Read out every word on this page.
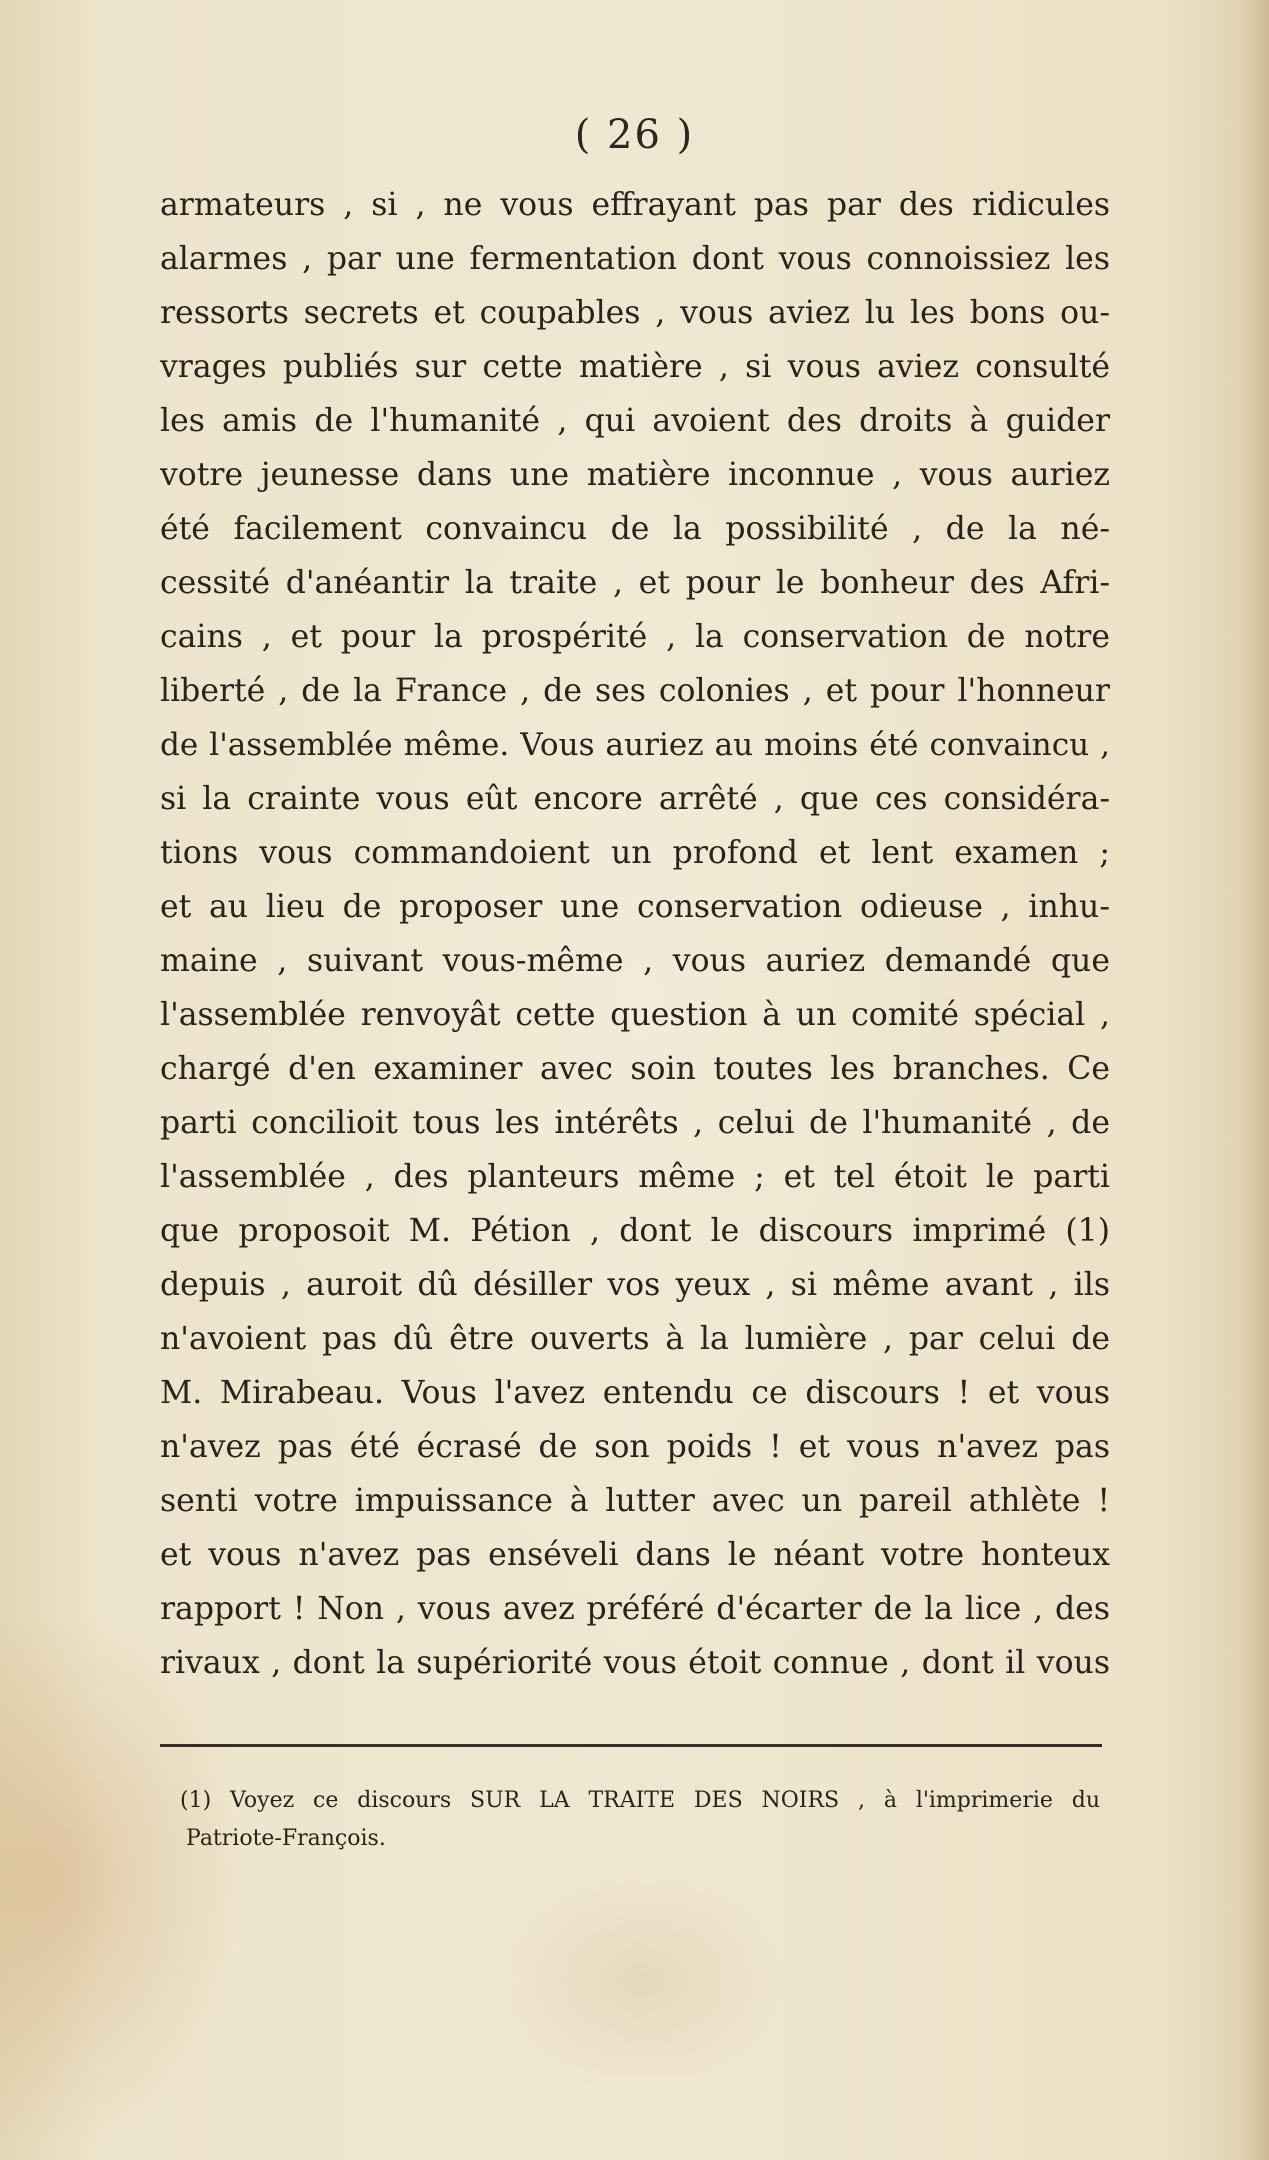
( 26 )
armateurs , si , ne vous effrayant pas par des ridicules
alarmes , par une fermentation dont vous connoissiez les
ressorts secrets et coupables , vous aviez lu les bons ou-
vrages publiés sur cette matière , si vous aviez consulté
les amis de l'humanité , qui avoient des droits à guider
votre jeunesse dans une matière inconnue , vous auriez
été facilement convaincu de la possibilité , de la né-
cessité d'anéantir la traite , et pour le bonheur des Afri-
cains , et pour la prospérité , la conservation de notre
liberté , de la France , de ses colonies , et pour l'honneur
de l'assemblée même. Vous auriez au moins été convaincu ,
si la crainte vous eût encore arrêté , que ces considéra-
tions vous commandoient un profond et lent examen ;
et au lieu de proposer une conservation odieuse , inhu-
maine , suivant vous-même , vous auriez demandé que
l'assemblée renvoyât cette question à un comité spécial ,
chargé d'en examiner avec soin toutes les branches. Ce
parti concilioit tous les intérêts , celui de l'humanité , de
l'assemblée , des planteurs même ; et tel étoit le parti
que proposoit M. Pétion , dont le discours imprimé (1)
depuis , auroit dû désiller vos yeux , si même avant , ils
n'avoient pas dû être ouverts à la lumière , par celui de
M. Mirabeau. Vous l'avez entendu ce discours ! et vous
n'avez pas été écrasé de son poids ! et vous n'avez pas
senti votre impuissance à lutter avec un pareil athlète !
et vous n'avez pas enséveli dans le néant votre honteux
rapport ! Non , vous avez préféré d'écarter de la lice , des
rivaux , dont la supériorité vous étoit connue , dont il vous
(1) Voyez ce discours SUR LA TRAITE DES NOIRS , à l'imprimerie du
Patriote-François.
